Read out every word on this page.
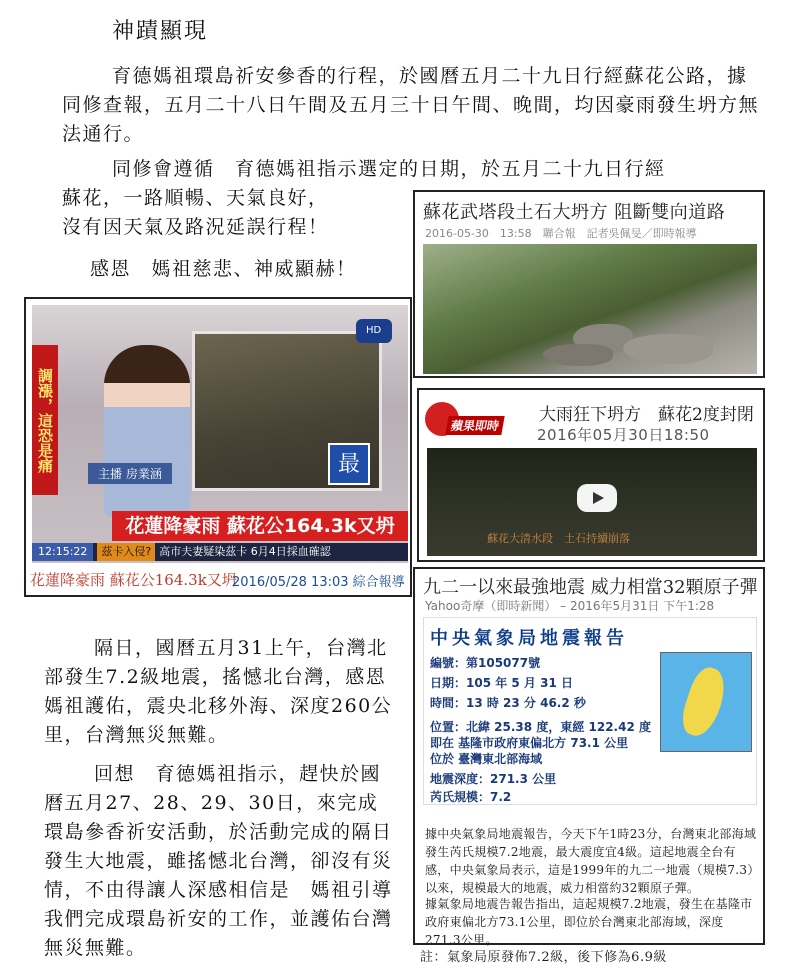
神蹟顯現
育德媽祖環島祈安參香的行程，於國曆五月二十九日行經蘇花公路，據同修查報，五月二十八日午間及五月三十日午間、晚間，均因豪雨發生坍方無法通行。
同修會遵循　育德媽祖指示選定的日期，於五月二十九日行經
蘇花，一路順暢、天氣良好，
沒有因天氣及路況延誤行程！
感恩　媽祖慈悲、神威顯赫！
蘇花武塔段土石大坍方 阻斷雙向道路
2016-05-30　13:58　聯合報　記者吳佩旻／即時報導
蘋果即時
大雨狂下坍方　蘇花2度封閉
2016年05月30日18:50
蘇花大清水段　土石持續崩落
調漲，這恐是痛
HD
最
主播 房業涵
花蓮降豪雨 蘇花公164.3k又坍
12:15:22 茲卡入侵? 高市夫妻疑染茲卡 6月4日採血確認
花蓮降豪雨 蘇花公164.3k又坍
2016/05/28 13:03 綜合報導
隔日，國曆五月31上午，台灣北部發生7.2級地震，搖憾北台灣，感恩　媽祖護佑，震央北移外海、深度260公里，台灣無災無難。
回想　育德媽祖指示，趕快於國曆五月27、28、29、30日，來完成環島參香祈安活動，於活動完成的隔日發生大地震，雖搖憾北台灣，卻沒有災情，不由得讓人深感相信是　媽祖引導我們完成環島祈安的工作，並護佑台灣無災無難。
九二一以來最強地震 威力相當32顆原子彈
Yahoo奇摩（即時新聞） – 2016年5月31日 下午1:28
中央氣象局地震報告
編號：第105077號
日期：105 年 5 月 31 日
時間：13 時 23 分 46.2 秒
位置：北緯 25.38 度，東經 122.42 度
即在 基隆市政府東偏北方 73.1 公里
位於 臺灣東北部海域
地震深度：271.3 公里
芮氏規模：7.2
據中央氣象局地震報告，今天下午1時23分，台灣東北部海域發生芮氏規模7.2地震，最大震度宜4級。這起地震全台有感，中央氣象局表示，這是1999年的九二一地震（規模7.3）以來，規模最大的地震，威力相當約32顆原子彈。
據氣象局地震告報告指出，這起規模7.2地震，發生在基隆市政府東偏北方73.1公里，即位於台灣東北部海域，深度271.3公里。
註：氣象局原發佈7.2級，後下修為6.9級
